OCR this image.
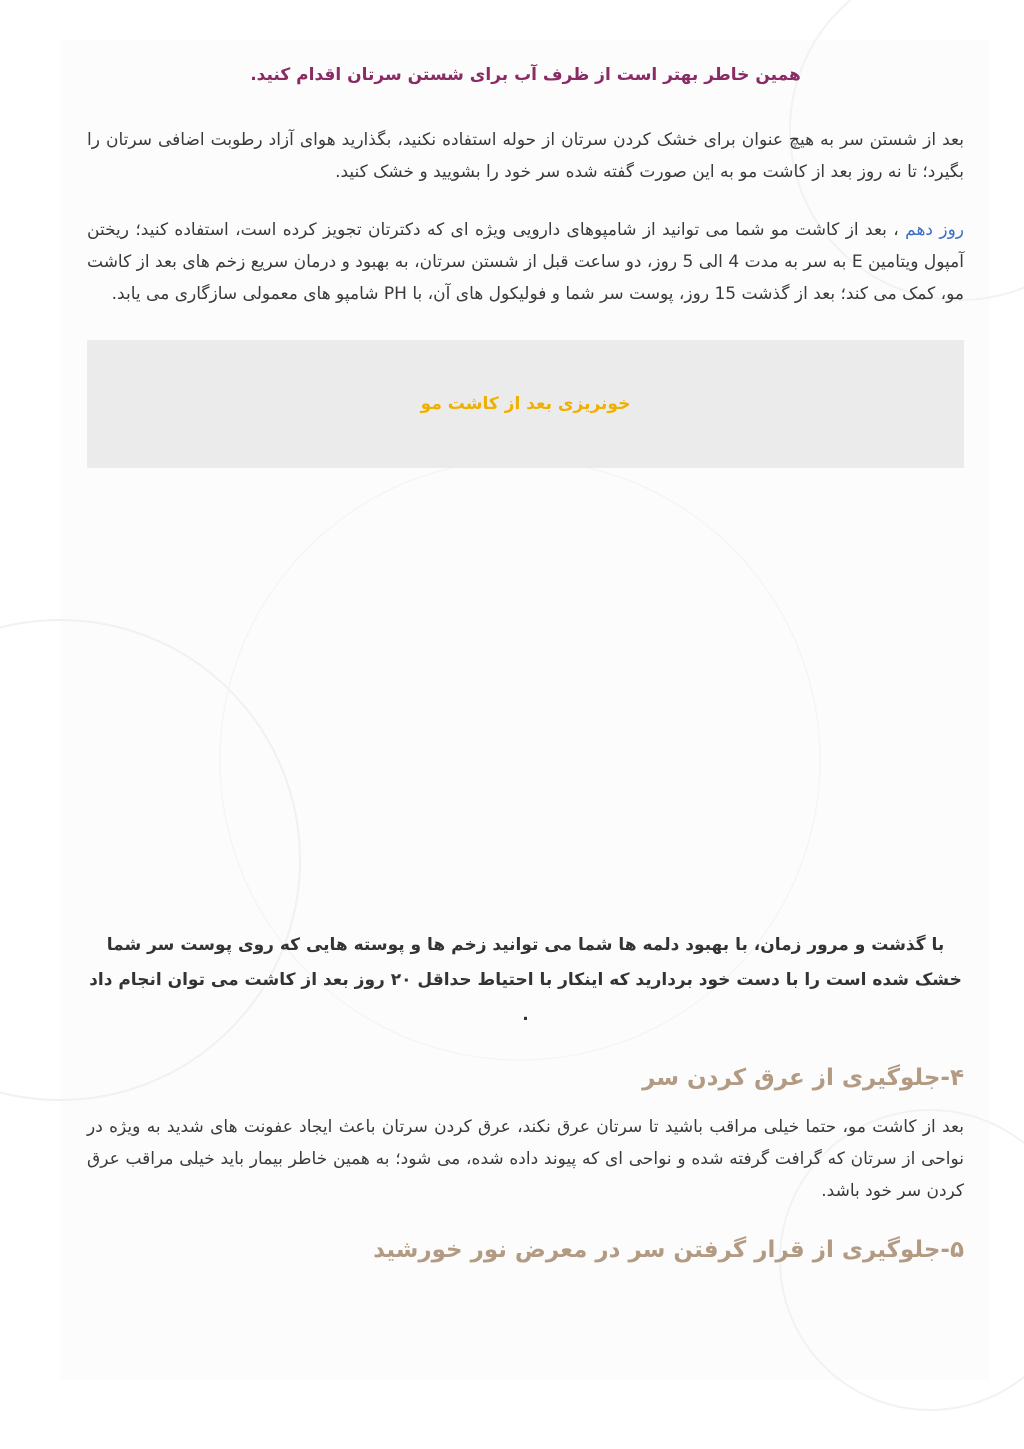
همین خاطر بهتر است از ظرف آب برای شستن سرتان اقدام کنید.

بعد از شستن سر به هیچ عنوان برای خشک کردن سرتان از حوله استفاده نکنید، بگذارید هوای آزاد رطوبت اضافی سرتان را بگیرد؛ تا نه روز بعد از کاشت مو به این صورت گفته شده سر خود را بشویید و خشک کنید.

روز دهم ، بعد از کاشت مو شما می توانید از شامپوهای دارویی ویژه ای که دکترتان تجویز کرده است، استفاده کنید؛ ریختن آمپول ویتامین E به سر به مدت 4 الی 5 روز، دو ساعت قبل از شستن سرتان، به بهبود و درمان سریع زخم های بعد از کاشت مو، کمک می کند؛ بعد از گذشت 15 روز، پوست سر شما و فولیکول های آن، با PH شامپو های معمولی سازگاری می یابد.

خونریزی بعد از کاشت مو

با گذشت و مرور زمان، با بهبود دلمه ها شما می توانید زخم ها و پوسته هایی که روی پوست سر شما خشک شده است را با دست خود بردارید که اینکار با احتیاط حداقل ۲۰ روز بعد از کاشت می توان انجام داد .

۴-جلوگیری از عرق کردن سر

بعد از کاشت مو، حتما خیلی مراقب باشید تا سرتان عرق نکند، عرق کردن سرتان باعث ایجاد عفونت های شدید به ویژه در نواحی از سرتان که گرافت گرفته شده و نواحی ای که پیوند داده شده، می شود؛ به همین خاطر بیمار باید خیلی مراقب عرق کردن سر خود باشد.

۵-جلوگیری از قرار گرفتن سر در معرض نور خورشید
